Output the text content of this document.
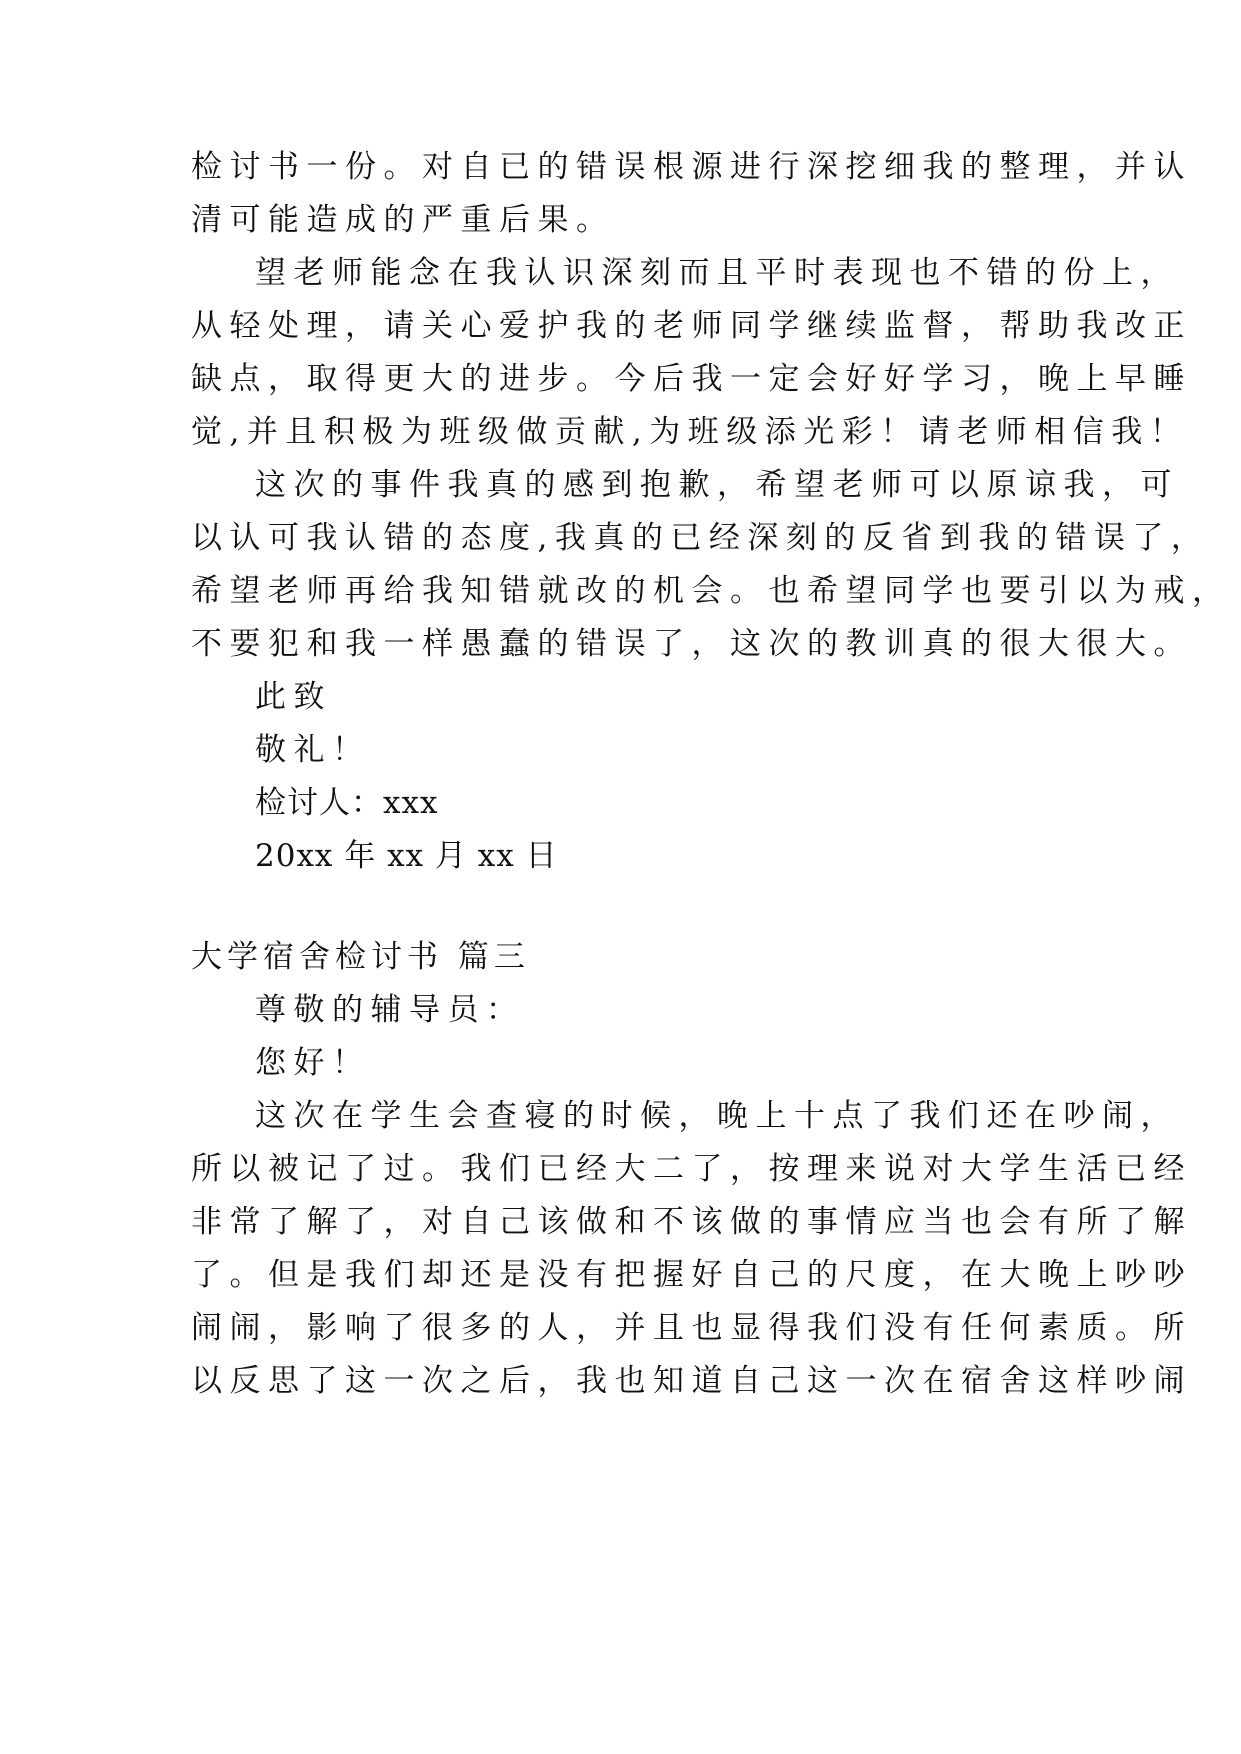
检讨书一份。对自已的错误根源进行深挖细我的整理，并认
清可能造成的严重后果。
望老师能念在我认识深刻而且平时表现也不错的份上，
从轻处理，请关心爱护我的老师同学继续监督，帮助我改正
缺点，取得更大的进步。今后我一定会好好学习，晚上早睡
觉,并且积极为班级做贡献,为班级添光彩！请老师相信我！
这次的事件我真的感到抱歉，希望老师可以原谅我，可
以认可我认错的态度,我真的已经深刻的反省到我的错误了，
希望老师再给我知错就改的机会。也希望同学也要引以为戒，
不要犯和我一样愚蠢的错误了，这次的教训真的很大很大。
此致
敬礼！
检讨人：xxx
20xx 年 xx 月 xx 日
大学宿舍检讨书 篇三
尊敬的辅导员：
您好！
这次在学生会查寝的时候，晚上十点了我们还在吵闹，
所以被记了过。我们已经大二了，按理来说对大学生活已经
非常了解了，对自己该做和不该做的事情应当也会有所了解
了。但是我们却还是没有把握好自己的尺度，在大晚上吵吵
闹闹，影响了很多的人，并且也显得我们没有任何素质。所
以反思了这一次之后，我也知道自己这一次在宿舍这样吵闹
